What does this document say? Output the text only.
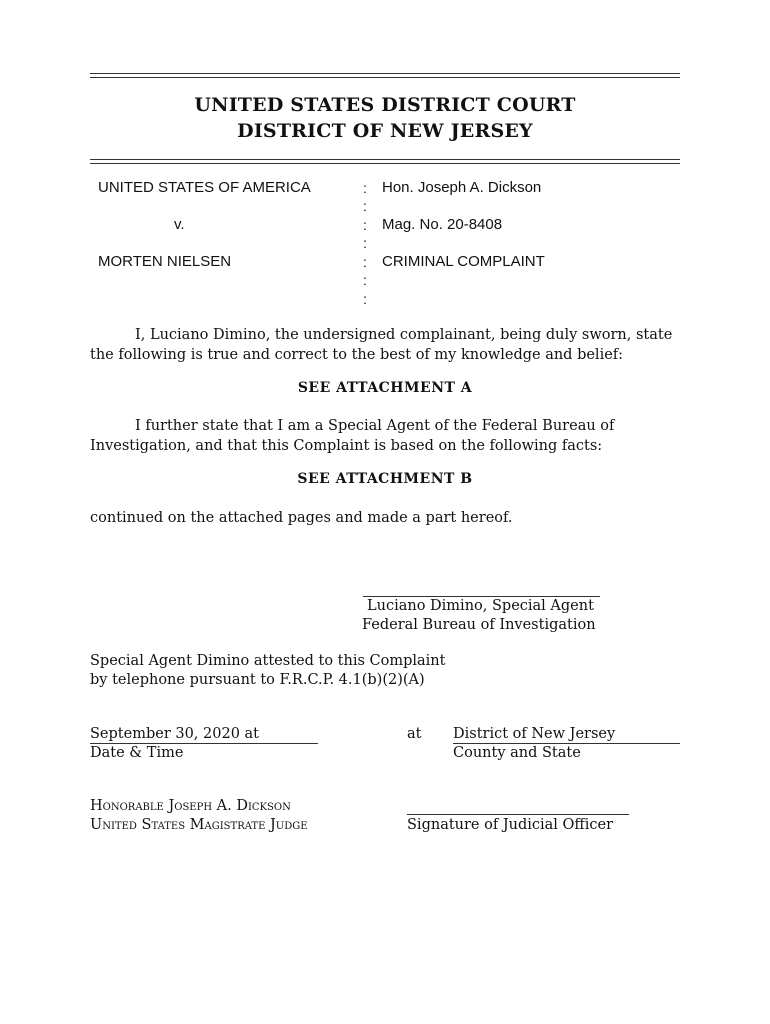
UNITED STATES DISTRICT COURT
DISTRICT OF NEW JERSEY
UNITED STATES OF AMERICA
v.
MORTEN NIELSEN
:
:
:
:
:
:
:
Hon. Joseph A. Dickson
Mag. No. 20-8408
CRIMINAL COMPLAINT
I, Luciano Dimino, the undersigned complainant, being duly sworn, state the following is true and correct to the best of my knowledge and belief:
SEE ATTACHMENT A
I further state that I am a Special Agent of the Federal Bureau of Investigation, and that this Complaint is based on the following facts:
SEE ATTACHMENT B
continued on the attached pages and made a part hereof.
Luciano Dimino, Special Agent
Federal Bureau of Investigation
Special Agent Dimino attested to this Complaint
by telephone pursuant to F.R.C.P. 4.1(b)(2)(A)
September 30, 2020 at
Date & Time
at District of New Jersey
County and State
Honorable Joseph A. Dickson
United States Magistrate Judge	Signature of Judicial Officer
